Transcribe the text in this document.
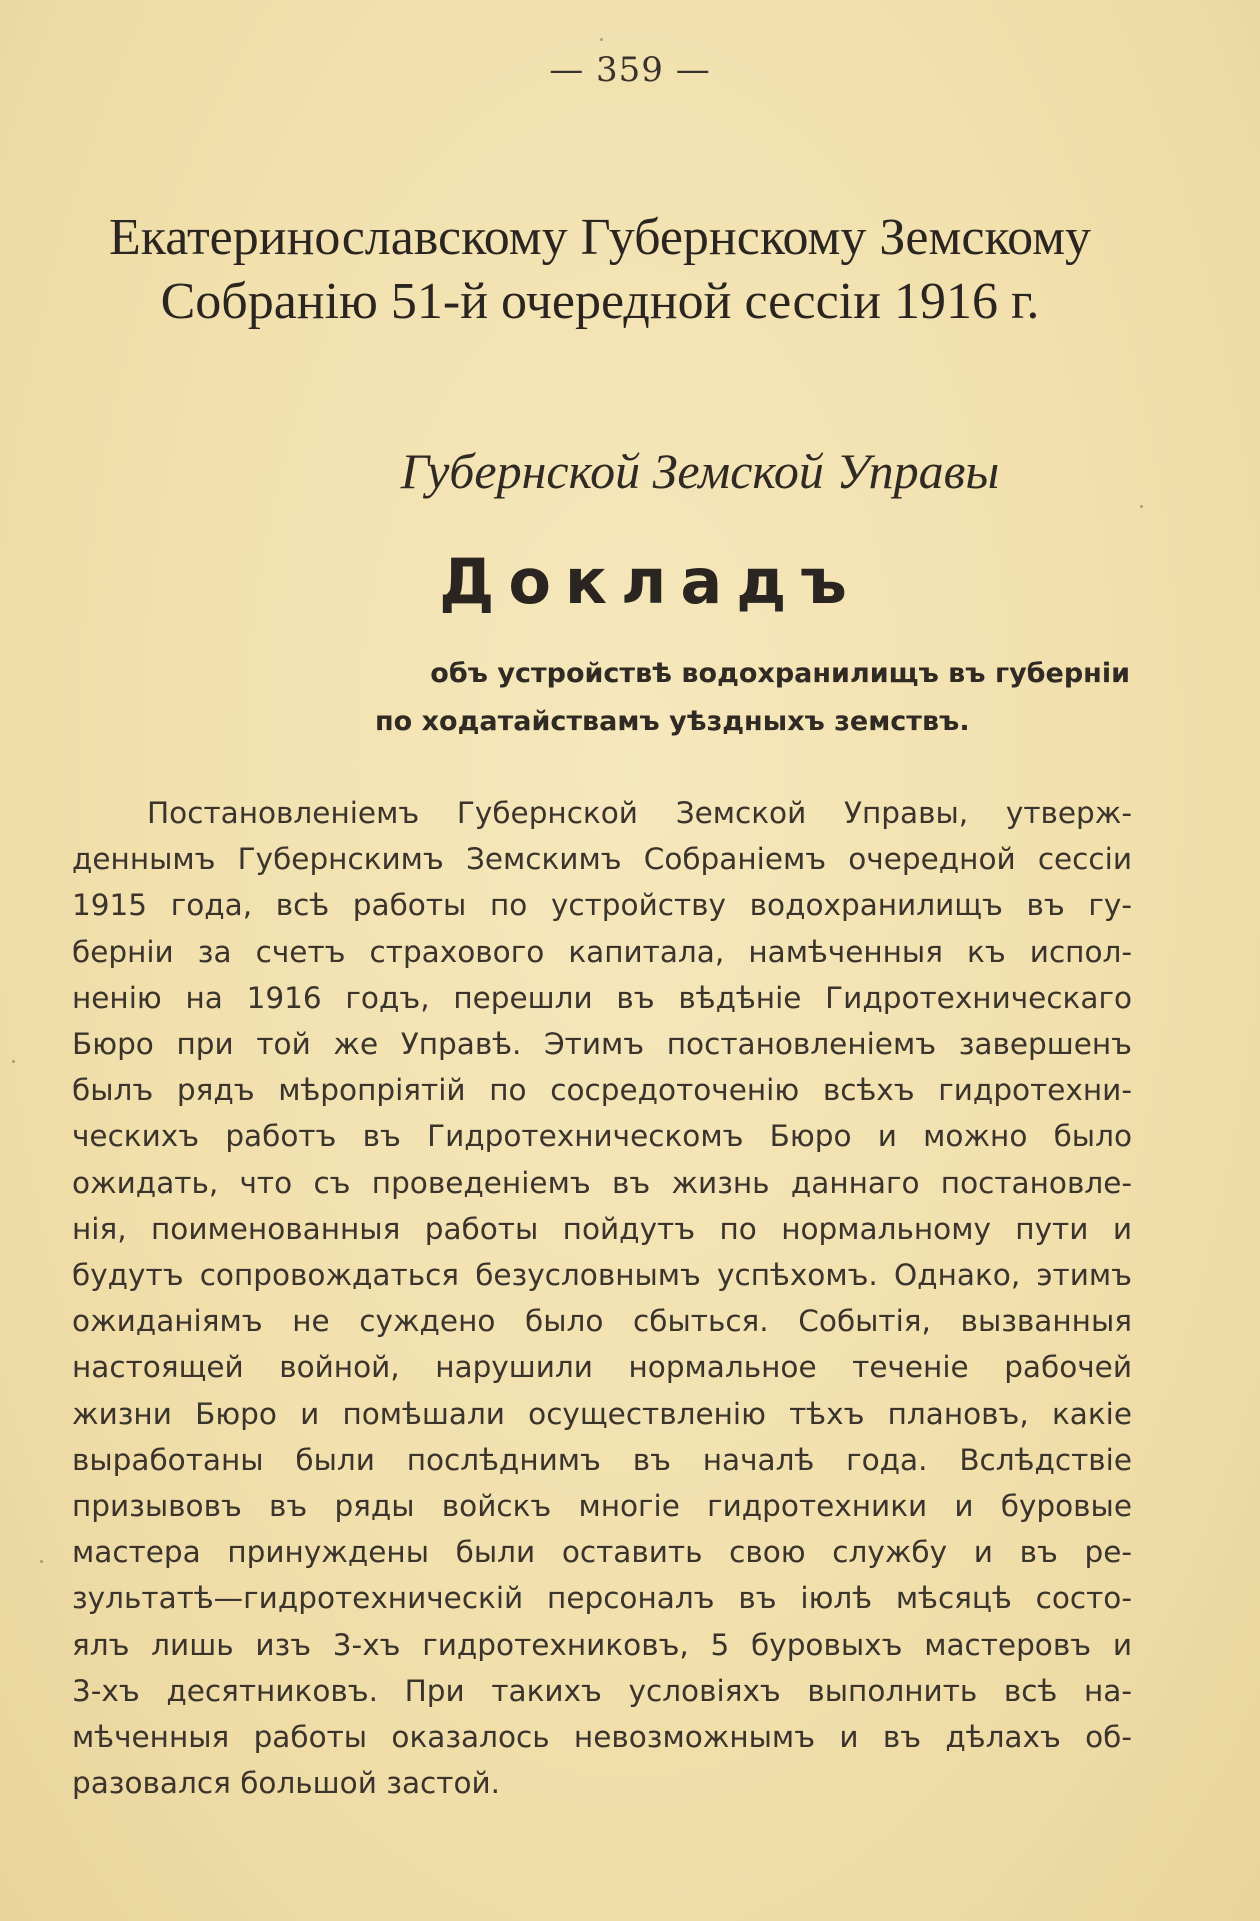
— 359 —
Екатеринославскому Губернскому Земскому
Собранію 51-й очередной сессіи 1916 г.
Губернской Земской Управы
Докладъ
объ устройствѣ водохранилищъ въ губерніи
по ходатайствамъ уѣздныхъ земствъ.
Постановленіемъ Губернской Земской Управы, утверж-
деннымъ Губернскимъ Земскимъ Собраніемъ очередной сессіи
1915 года, всѣ работы по устройству водохранилищъ въ гу-
берніи за счетъ страхового капитала, намѣченныя къ испол-
ненію на 1916 годъ, перешли въ вѣдѣніе Гидротехническаго
Бюро при той же Управѣ. Этимъ постановленіемъ завершенъ
былъ рядъ мѣропріятій по сосредоточенію всѣхъ гидротехни-
ческихъ работъ въ Гидротехническомъ Бюро и можно было
ожидать, что съ проведеніемъ въ жизнь даннаго постановле-
нія, поименованныя работы пойдутъ по нормальному пути и
будутъ сопровождаться безусловнымъ успѣхомъ. Однако, этимъ
ожиданіямъ не суждено было сбыться. Событія, вызванныя
настоящей войной, нарушили нормальное теченіе рабочей
жизни Бюро и помѣшали осуществленію тѣхъ плановъ, какіе
выработаны были послѣднимъ въ началѣ года. Вслѣдствіе
призывовъ въ ряды войскъ многіе гидротехники и буровые
мастера принуждены были оставить свою службу и въ ре-
зультатѣ—гидротехническій персоналъ въ іюлѣ мѣсяцѣ состо-
ялъ лишь изъ 3-хъ гидротехниковъ, 5 буровыхъ мастеровъ и
3-хъ десятниковъ. При такихъ условіяхъ выполнить всѣ на-
мѣченныя работы оказалось невозможнымъ и въ дѣлахъ об-
разовался большой застой.
